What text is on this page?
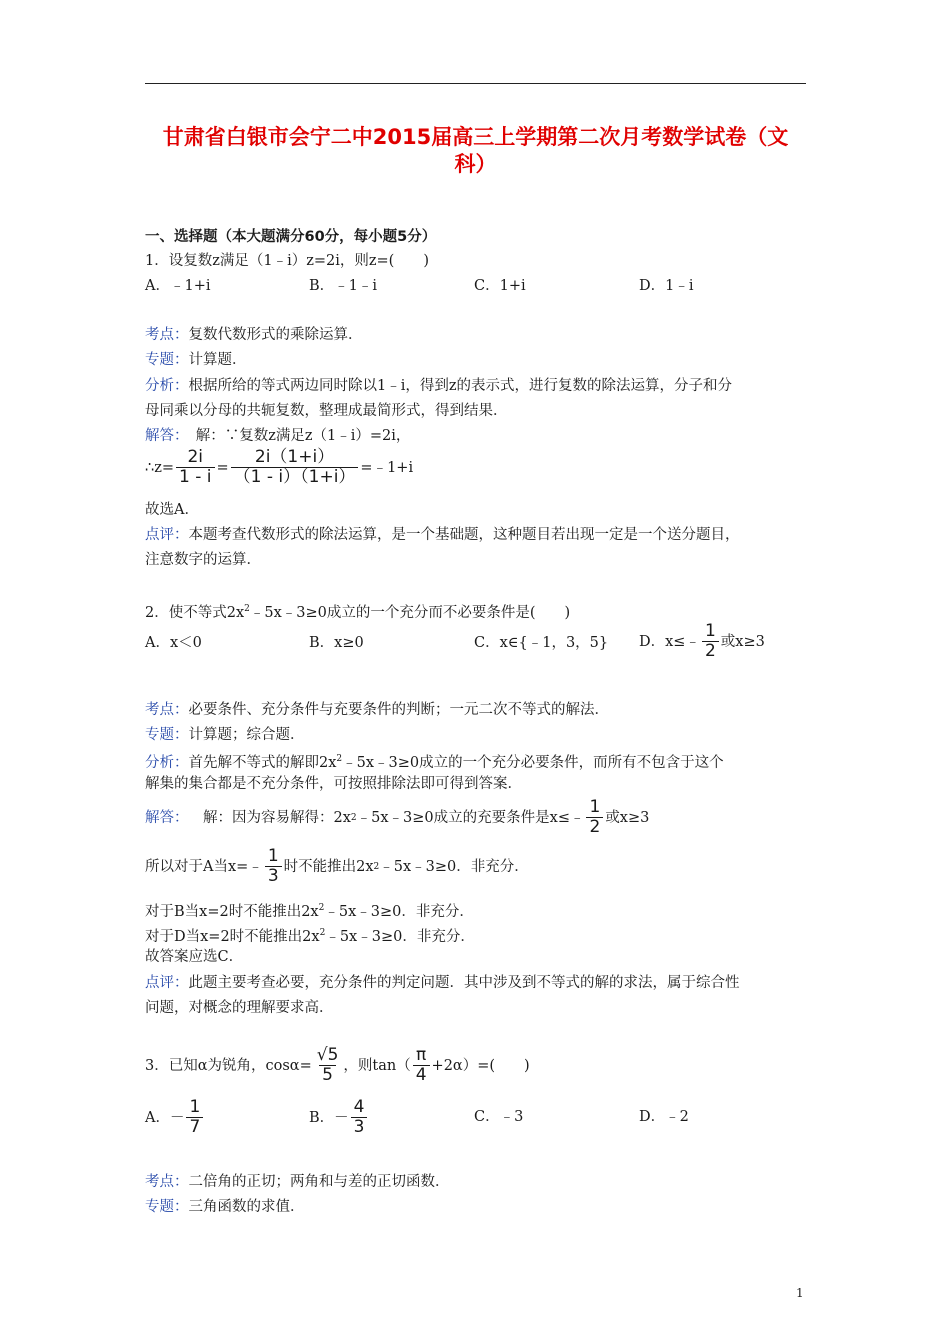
甘肃省白银市会宁二中2015届高三上学期第二次月考数学试卷（文
科）
一、选择题（本大题满分60分，每小题5分）
1．设复数z满足（1﹣i）z=2i，则z=(　　)
A．﹣1+i	B．﹣1﹣i	C．1+i	D．1﹣i
考点：复数代数形式的乘除运算．
专题：计算题．
分析：根据所给的等式两边同时除以1﹣i，得到z的表示式，进行复数的除法运算，分子和分
母同乘以分母的共轭复数，整理成最简形式，得到结果．
解答：　解：∵复数z满足z（1﹣i）=2i，
∴z= $\frac{2i}{1 - i} = \frac{2i(1+i)}{(1 - i)(1+i)}$ =﹣1+i
故选A．
点评：本题考查代数形式的除法运算，是一个基础题，这种题目若出现一定是一个送分题目，
注意数字的运算．
2．使不等式$2x^2﹣5x﹣3\ge 0$成立的一个充分而不必要条件是(　　)
A．x＜0	B．x≥0	C．x∈{﹣1，3，5} D．x≤﹣ $\frac{1}{2}$ 或x≥3
考点：必要条件、充分条件与充要条件的判断；一元二次不等式的解法．
专题：计算题；综合题．
分析：首先解不等式的解即$2x^2﹣5x﹣3\ge 0$成立的一个充分必要条件，而所有不包含于这个
解集的集合都是不充分条件，可按照排除法即可得到答案．
解答： 　解：因为容易解得：2x 2 ﹣5x﹣3≥0成立的充要条件是x≤﹣ $\frac{1}{2}$ 或x≥3
所以对于A当x=﹣ $\frac{1}{3}$ 时不能推出2x 2 ﹣5x﹣3≥0．非充分．
对于B当x=2时不能推出$2x^2﹣5x﹣3\ge 0$．非充分．
对于D当x=2时不能推出$2x^2﹣5x﹣3\ge 0$．非充分．
故答案应选C．
点评：此题主要考查必要，充分条件的判定问题．其中涉及到不等式的解的求法，属于综合性
问题，对概念的理解要求高．
3．已知α为锐角，$\cos\alpha= \frac{√5}{5}$ ，则$\tan( \frac{\pi}{4} +2\alpha)=$(　　)
A．－ $\frac{1}{7}$	B．－ $\frac{4}{3}$	C．﹣3	D．﹣2
考点：二倍角的正切；两角和与差的正切函数．
专题：三角函数的求值．
1
